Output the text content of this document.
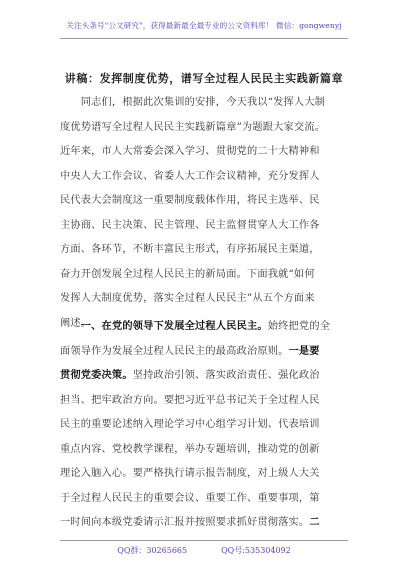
关注头条号"公文研究"，获得最新最全最专业的公文资料库！ 微信：gongwenyj
讲稿：发挥制度优势，谱写全过程人民民主实践新篇章
　　同志们，根据此次集训的安排，今天我以“发挥人大制
度优势谱写全过程人民民主实践新篇章”为题跟大家交流。
近年来，市人大常委会深入学习、贯彻党的二十大精神和
中央人大工作会议、省委人大工作会议精神，充分发挥人
民代表大会制度这一重要制度载体作用，将民主选举、民
主协商、民主决策、民主管理、民主监督贯穿人大工作各
方面、各环节，不断丰富民主形式，有序拓展民主渠道，
奋力开创发展全过程人民民主的新局面。下面我就“如何
发挥人大制度优势，落实全过程人民民主”从五个方面来
阐述。
　　一、在党的领导下发展全过程人民民主。始终把党的全
面领导作为发展全过程人民民主的最高政治原则。一是要
贯彻党委决策。坚持政治引领、落实政治责任、强化政治
担当、把牢政治方向。要把习近平总书记关于全过程人民
民主的重要论述纳入理论学习中心组学习计划、代表培训
重点内容、党校教学课程，举办专题培训，推动党的创新
理论入脑入心。要严格执行请示报告制度，对上级人大关
于全过程人民民主的重要会议、重要工作、重要事项，第
一时间向本级党委请示汇报并按照要求抓好贯彻落实。二
QQ群：30265665	QQ号:535304092
